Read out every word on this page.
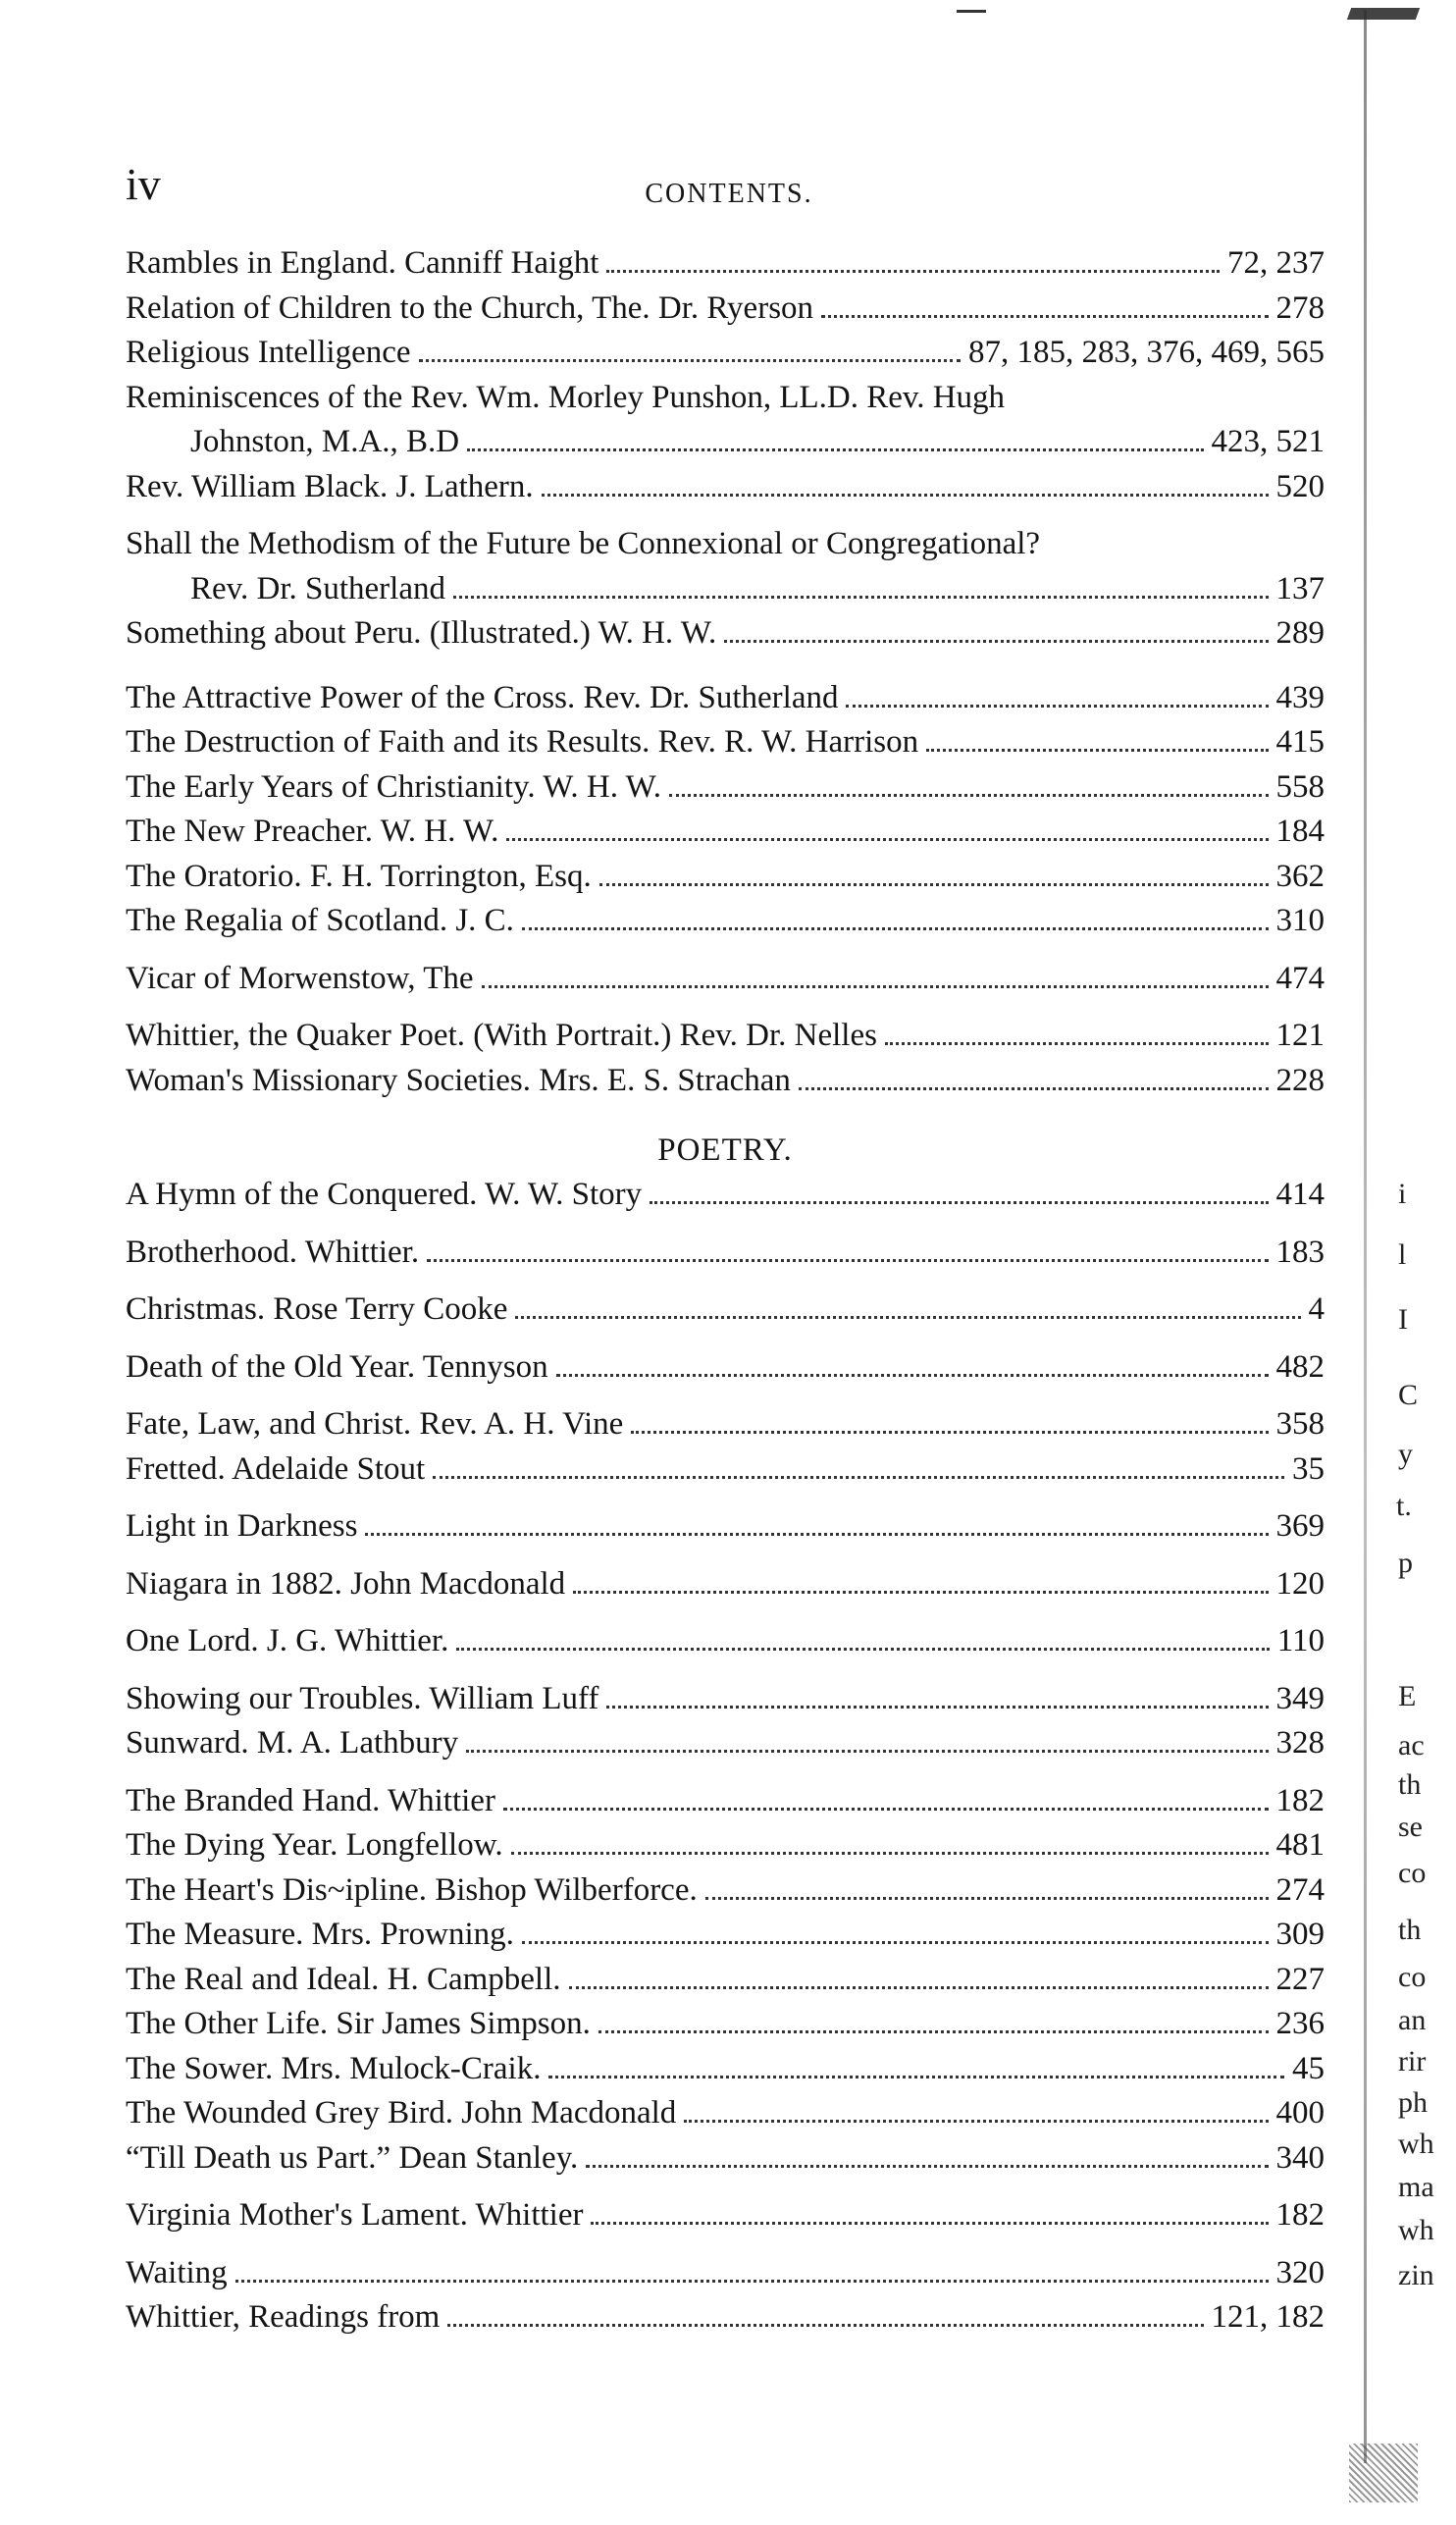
iv	CONTENTS.
Rambles in England. Canniff Haight	72, 237
Relation of Children to the Church, The. Dr. Ryerson	278
Religious Intelligence	87, 185, 283, 376, 469, 565
Reminiscences of the Rev. Wm. Morley Punshon, LL.D. Rev. Hugh
Johnston, M.A., B.D	423, 521
Rev. William Black. J. Lathern.	520
Shall the Methodism of the Future be Connexional or Congregational?
Rev. Dr. Sutherland	137
Something about Peru. (Illustrated.) W. H. W.	289
The Attractive Power of the Cross. Rev. Dr. Sutherland	439
The Destruction of Faith and its Results. Rev. R. W. Harrison	415
The Early Years of Christianity. W. H. W.	558
The New Preacher. W. H. W.	184
The Oratorio. F. H. Torrington, Esq.	362
The Regalia of Scotland. J. C.	310
Vicar of Morwenstow, The	474
Whittier, the Quaker Poet. (With Portrait.) Rev. Dr. Nelles	121
Woman's Missionary Societies. Mrs. E. S. Strachan	228
POETRY.
A Hymn of the Conquered. W. W. Story	414
Brotherhood. Whittier.	183
Christmas. Rose Terry Cooke	4
Death of the Old Year. Tennyson	482
Fate, Law, and Christ. Rev. A. H. Vine	358
Fretted. Adelaide Stout	35
Light in Darkness	369
Niagara in 1882. John Macdonald	120
One Lord. J. G. Whittier.	110
Showing our Troubles. William Luff	349
Sunward. M. A. Lathbury	328
The Branded Hand. Whittier	182
The Dying Year. Longfellow.	481
The Heart's Dis~ipline. Bishop Wilberforce.	274
The Measure. Mrs. Prowning.	309
The Real and Ideal. H. Campbell.	227
The Other Life. Sir James Simpson.	236
The Sower. Mrs. Mulock-Craik.	45
The Wounded Grey Bird. John Macdonald	400
“Till Death us Part.” Dean Stanley.	340
Virginia Mother's Lament. Whittier	182
Waiting	320
Whittier, Readings from	121, 182
i
l
I
C
y
t.
p
E
ac
th
se
co
th
co
an
rir
ph
wh
ma
wh
zin
